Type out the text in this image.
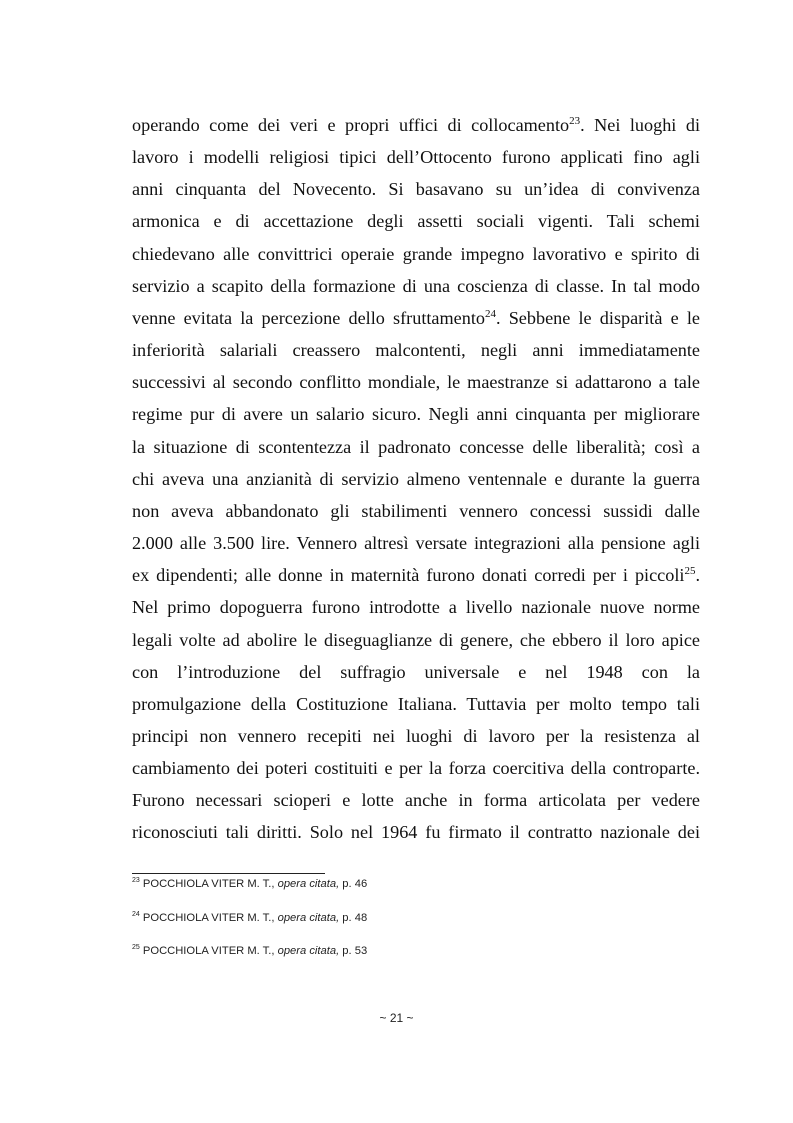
operando come dei veri e propri uffici di collocamento$^{23}$. Nei luoghi di
lavoro i modelli religiosi tipici dell’Ottocento furono applicati fino agli
anni cinquanta del Novecento. Si basavano su un’idea di convivenza
armonica e di accettazione degli assetti sociali vigenti. Tali schemi
chiedevano alle convittrici operaie grande impegno lavorativo e spirito di
servizio a scapito della formazione di una coscienza di classe. In tal modo
venne evitata la percezione dello sfruttamento$^{24}$. Sebbene le disparità e le
inferiorità salariali creassero malcontenti, negli anni immediatamente
successivi al secondo conflitto mondiale, le maestranze si adattarono a tale
regime pur di avere un salario sicuro. Negli anni cinquanta per migliorare
la situazione di scontentezza il padronato concesse delle liberalità; così a
chi aveva una anzianità di servizio almeno ventennale e durante la guerra
non aveva abbandonato gli stabilimenti vennero concessi sussidi dalle
2.000 alle 3.500 lire. Vennero altresì versate integrazioni alla pensione agli
ex dipendenti; alle donne in maternità furono donati corredi per i piccoli$^{25}$.
Nel primo dopoguerra furono introdotte a livello nazionale nuove norme
legali volte ad abolire le diseguaglianze di genere, che ebbero il loro apice
con l’introduzione del suffragio universale e nel 1948 con la
promulgazione della Costituzione Italiana. Tuttavia per molto tempo tali
principi non vennero recepiti nei luoghi di lavoro per la resistenza al
cambiamento dei poteri costituiti e per la forza coercitiva della controparte.
Furono necessari scioperi e lotte anche in forma articolata per vedere
riconosciuti tali diritti. Solo nel 1964 fu firmato il contratto nazionale dei
$^{23}$ POCCHIOLA VITER M. T., opera citata, p. 46
$^{24}$ POCCHIOLA VITER M. T., opera citata, p. 48
$^{25}$ POCCHIOLA VITER M. T., opera citata, p. 53
~ 21 ~
